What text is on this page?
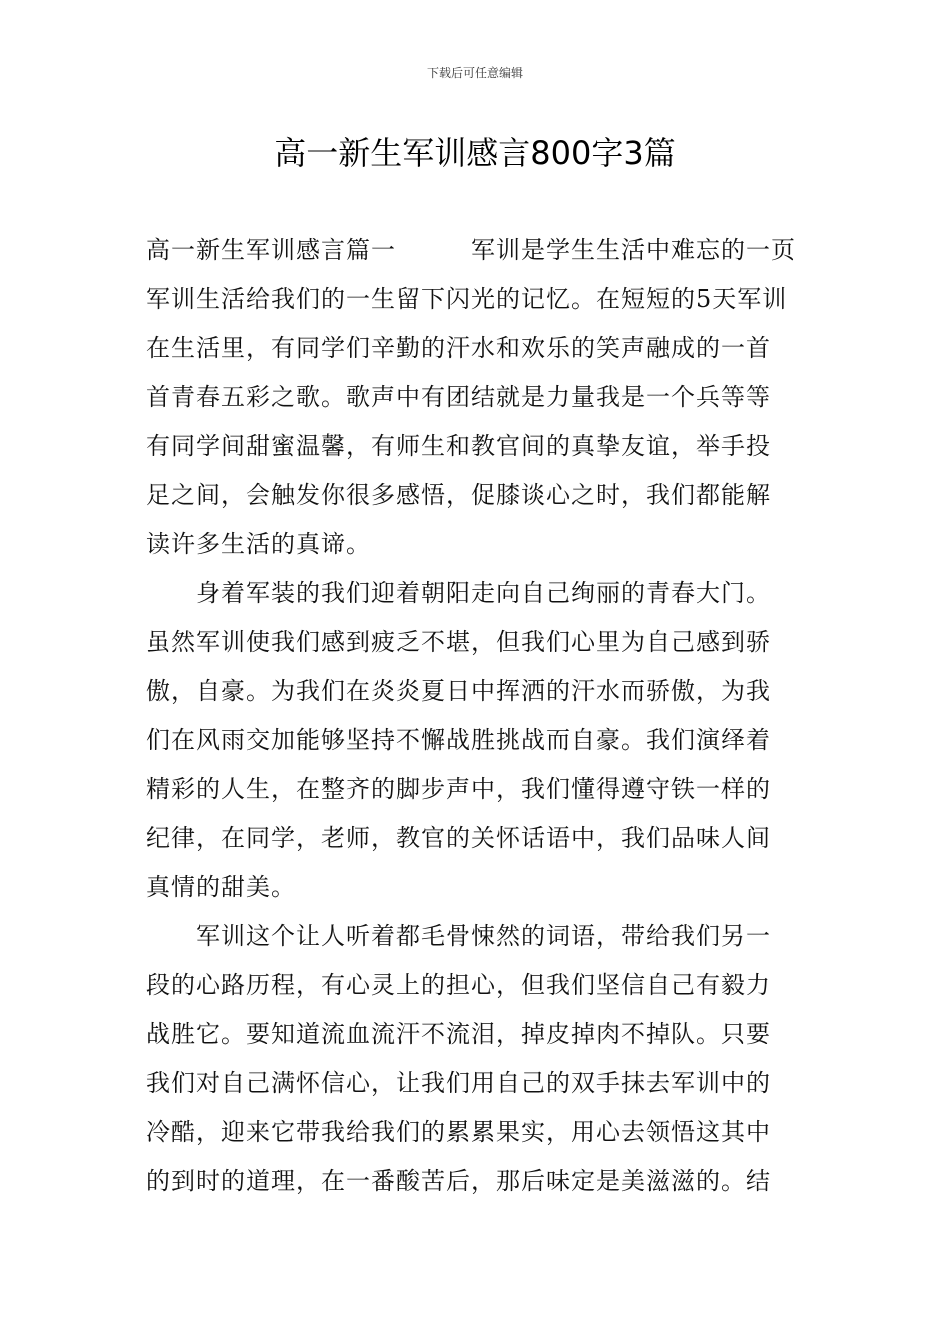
下载后可任意编辑
高一新生军训感言800字3篇
高一新生军训感言篇一　　　军训是学生生活中难忘的一页
军训生活给我们的一生留下闪光的记忆。在短短的5天军训
在生活里，有同学们辛勤的汗水和欢乐的笑声融成的一首
首青春五彩之歌。歌声中有团结就是力量我是一个兵等等
有同学间甜蜜温馨，有师生和教官间的真挚友谊，举手投
足之间，会触发你很多感悟，促膝谈心之时，我们都能解
读许多生活的真谛。
身着军装的我们迎着朝阳走向自己绚丽的青春大门。
虽然军训使我们感到疲乏不堪，但我们心里为自己感到骄
傲，自豪。为我们在炎炎夏日中挥洒的汗水而骄傲，为我
们在风雨交加能够坚持不懈战胜挑战而自豪。我们演绎着
精彩的人生，在整齐的脚步声中，我们懂得遵守铁一样的
纪律，在同学，老师，教官的关怀话语中，我们品味人间
真情的甜美。
军训这个让人听着都毛骨悚然的词语，带给我们另一
段的心路历程，有心灵上的担心，但我们坚信自己有毅力
战胜它。要知道流血流汗不流泪，掉皮掉肉不掉队。只要
我们对自己满怀信心，让我们用自己的双手抹去军训中的
冷酷，迎来它带我给我们的累累果实，用心去领悟这其中
的到时的道理，在一番酸苦后，那后味定是美滋滋的。结
